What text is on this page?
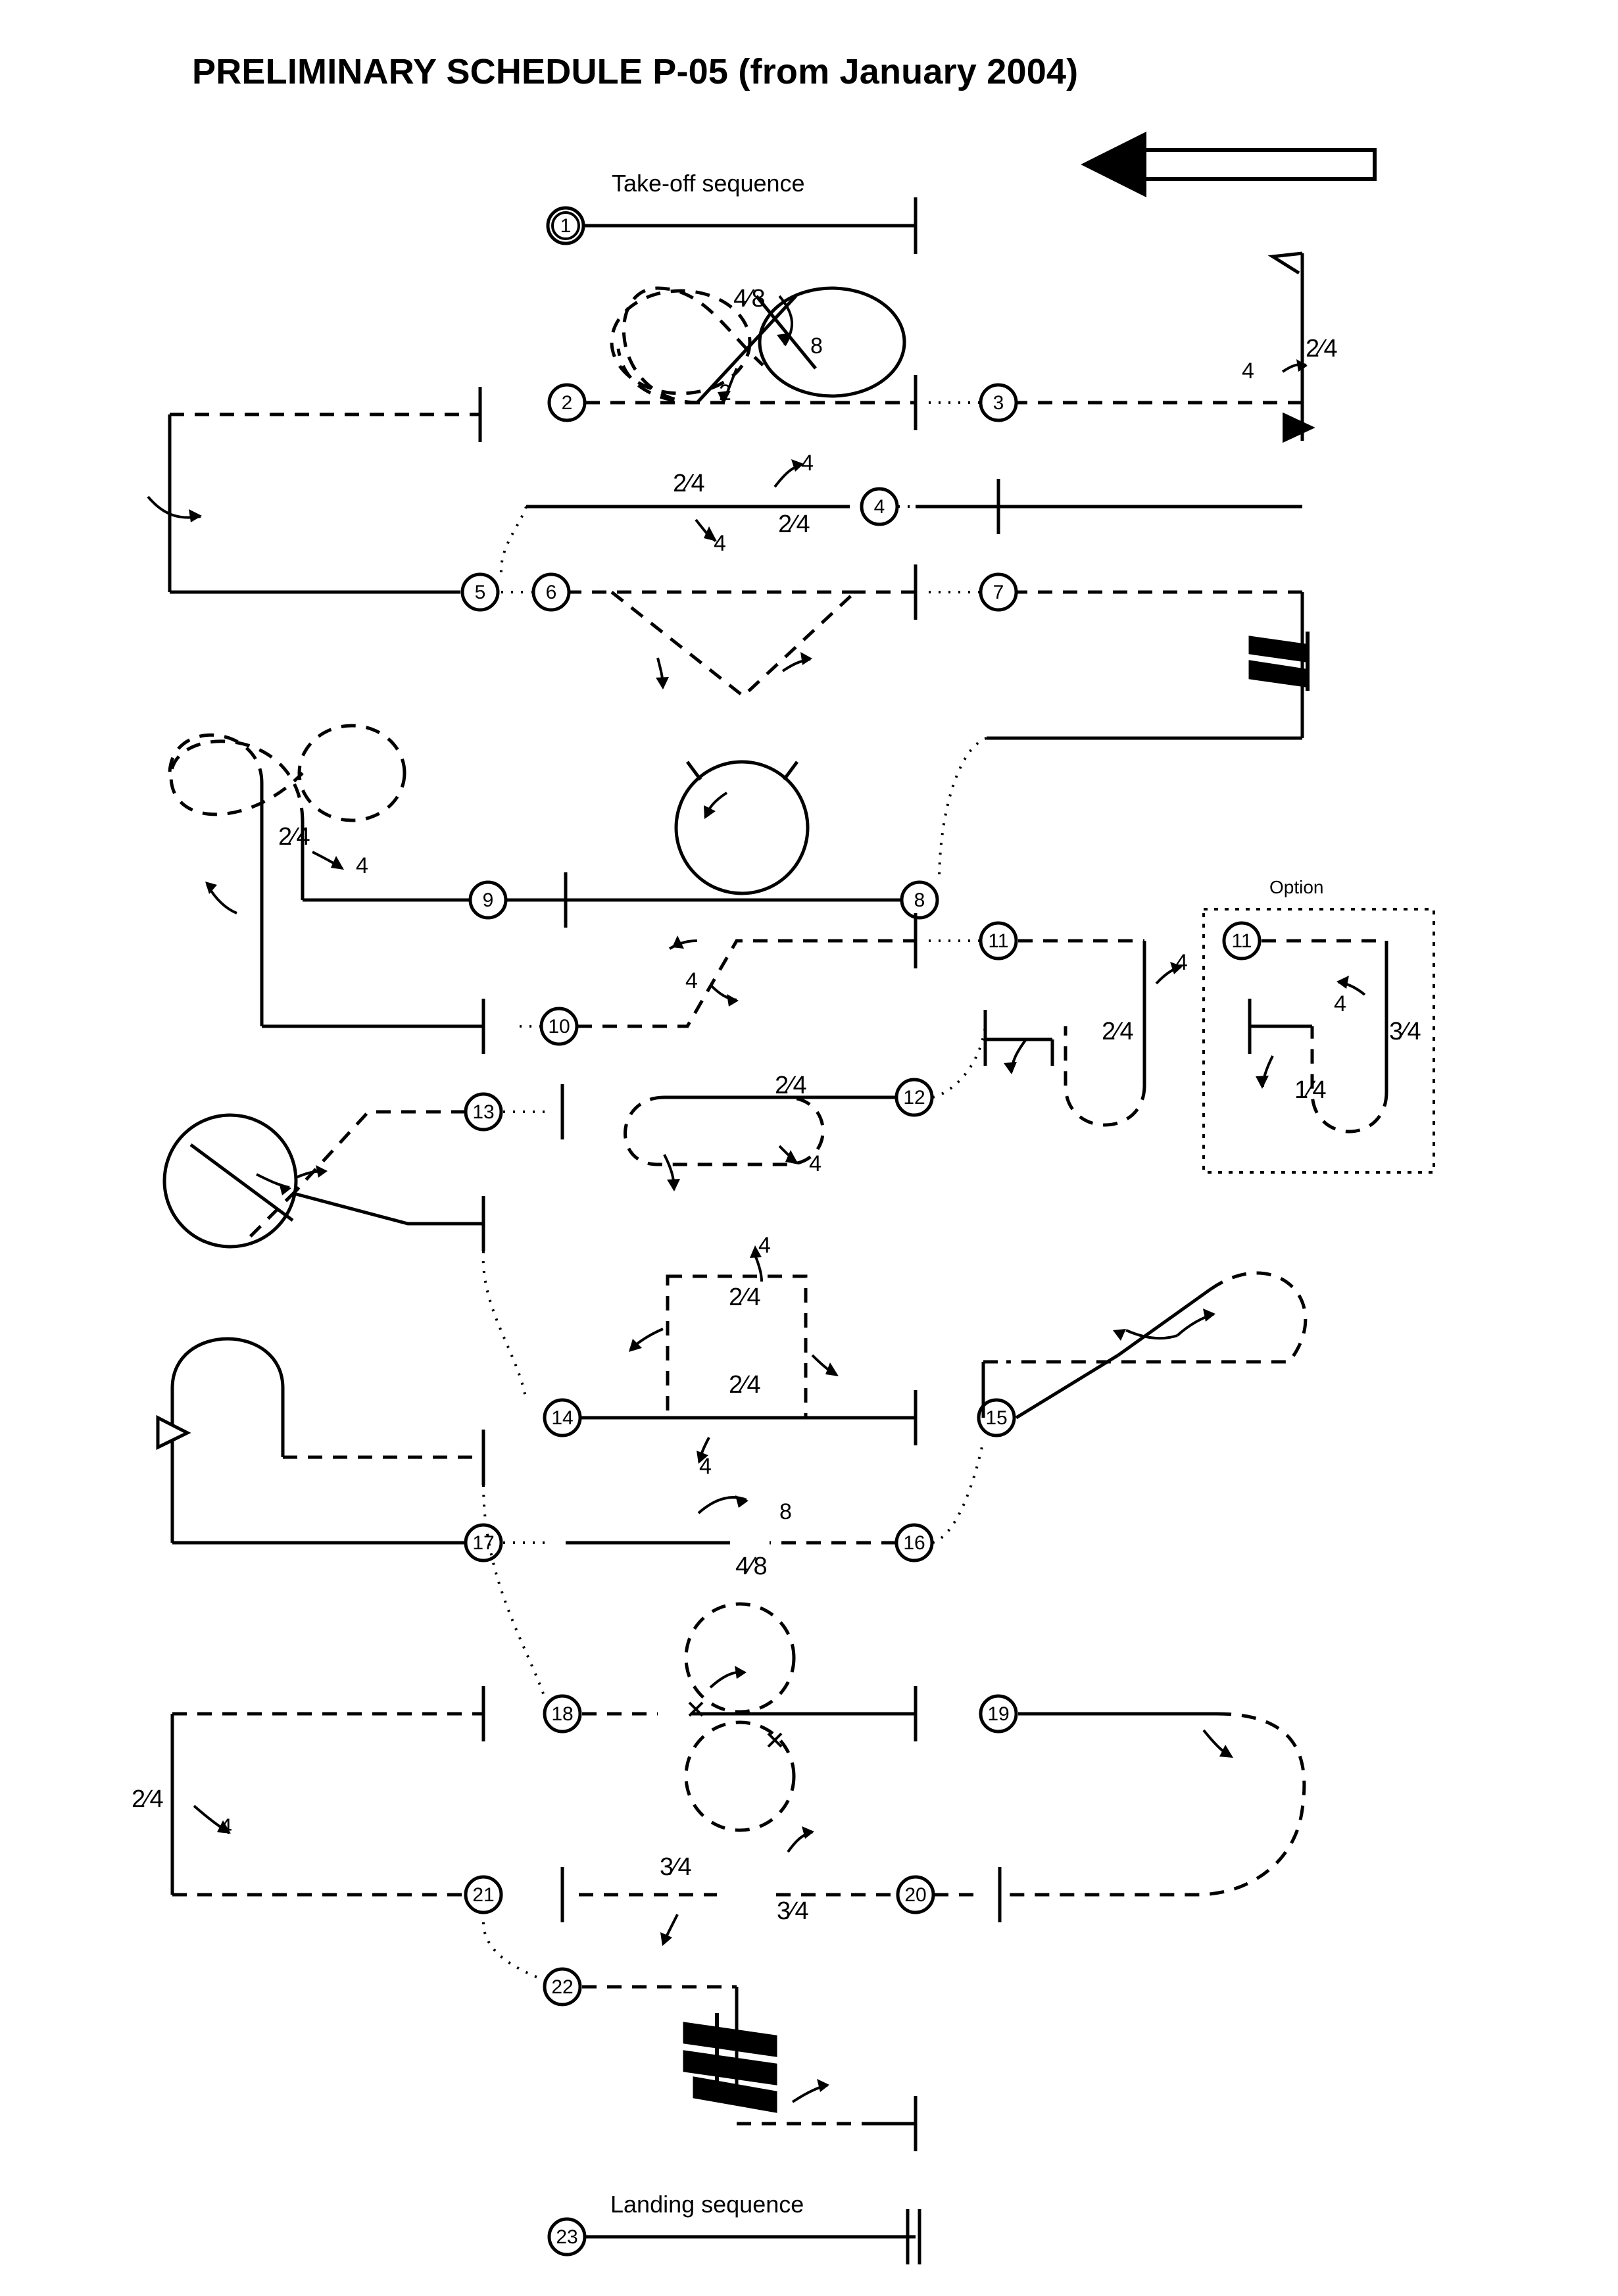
PRELIMINARY SCHEDULE P-05 (from January 2004)
Take-off sequence
Landing sequence
Option
1
2	3
4
5	6	7
8
9
10
11
12
13
14	15
16
17
18	19
20
21
22
23
11
4⁄8
8
2
4
2⁄4
2⁄4
4
2⁄4
4
2⁄4
4
4
2⁄4
4
4
3⁄4
1⁄4
2⁄4
4
4
2⁄4
2⁄4
4
8
4⁄8
2⁄4
4
3⁄4
3⁄4
